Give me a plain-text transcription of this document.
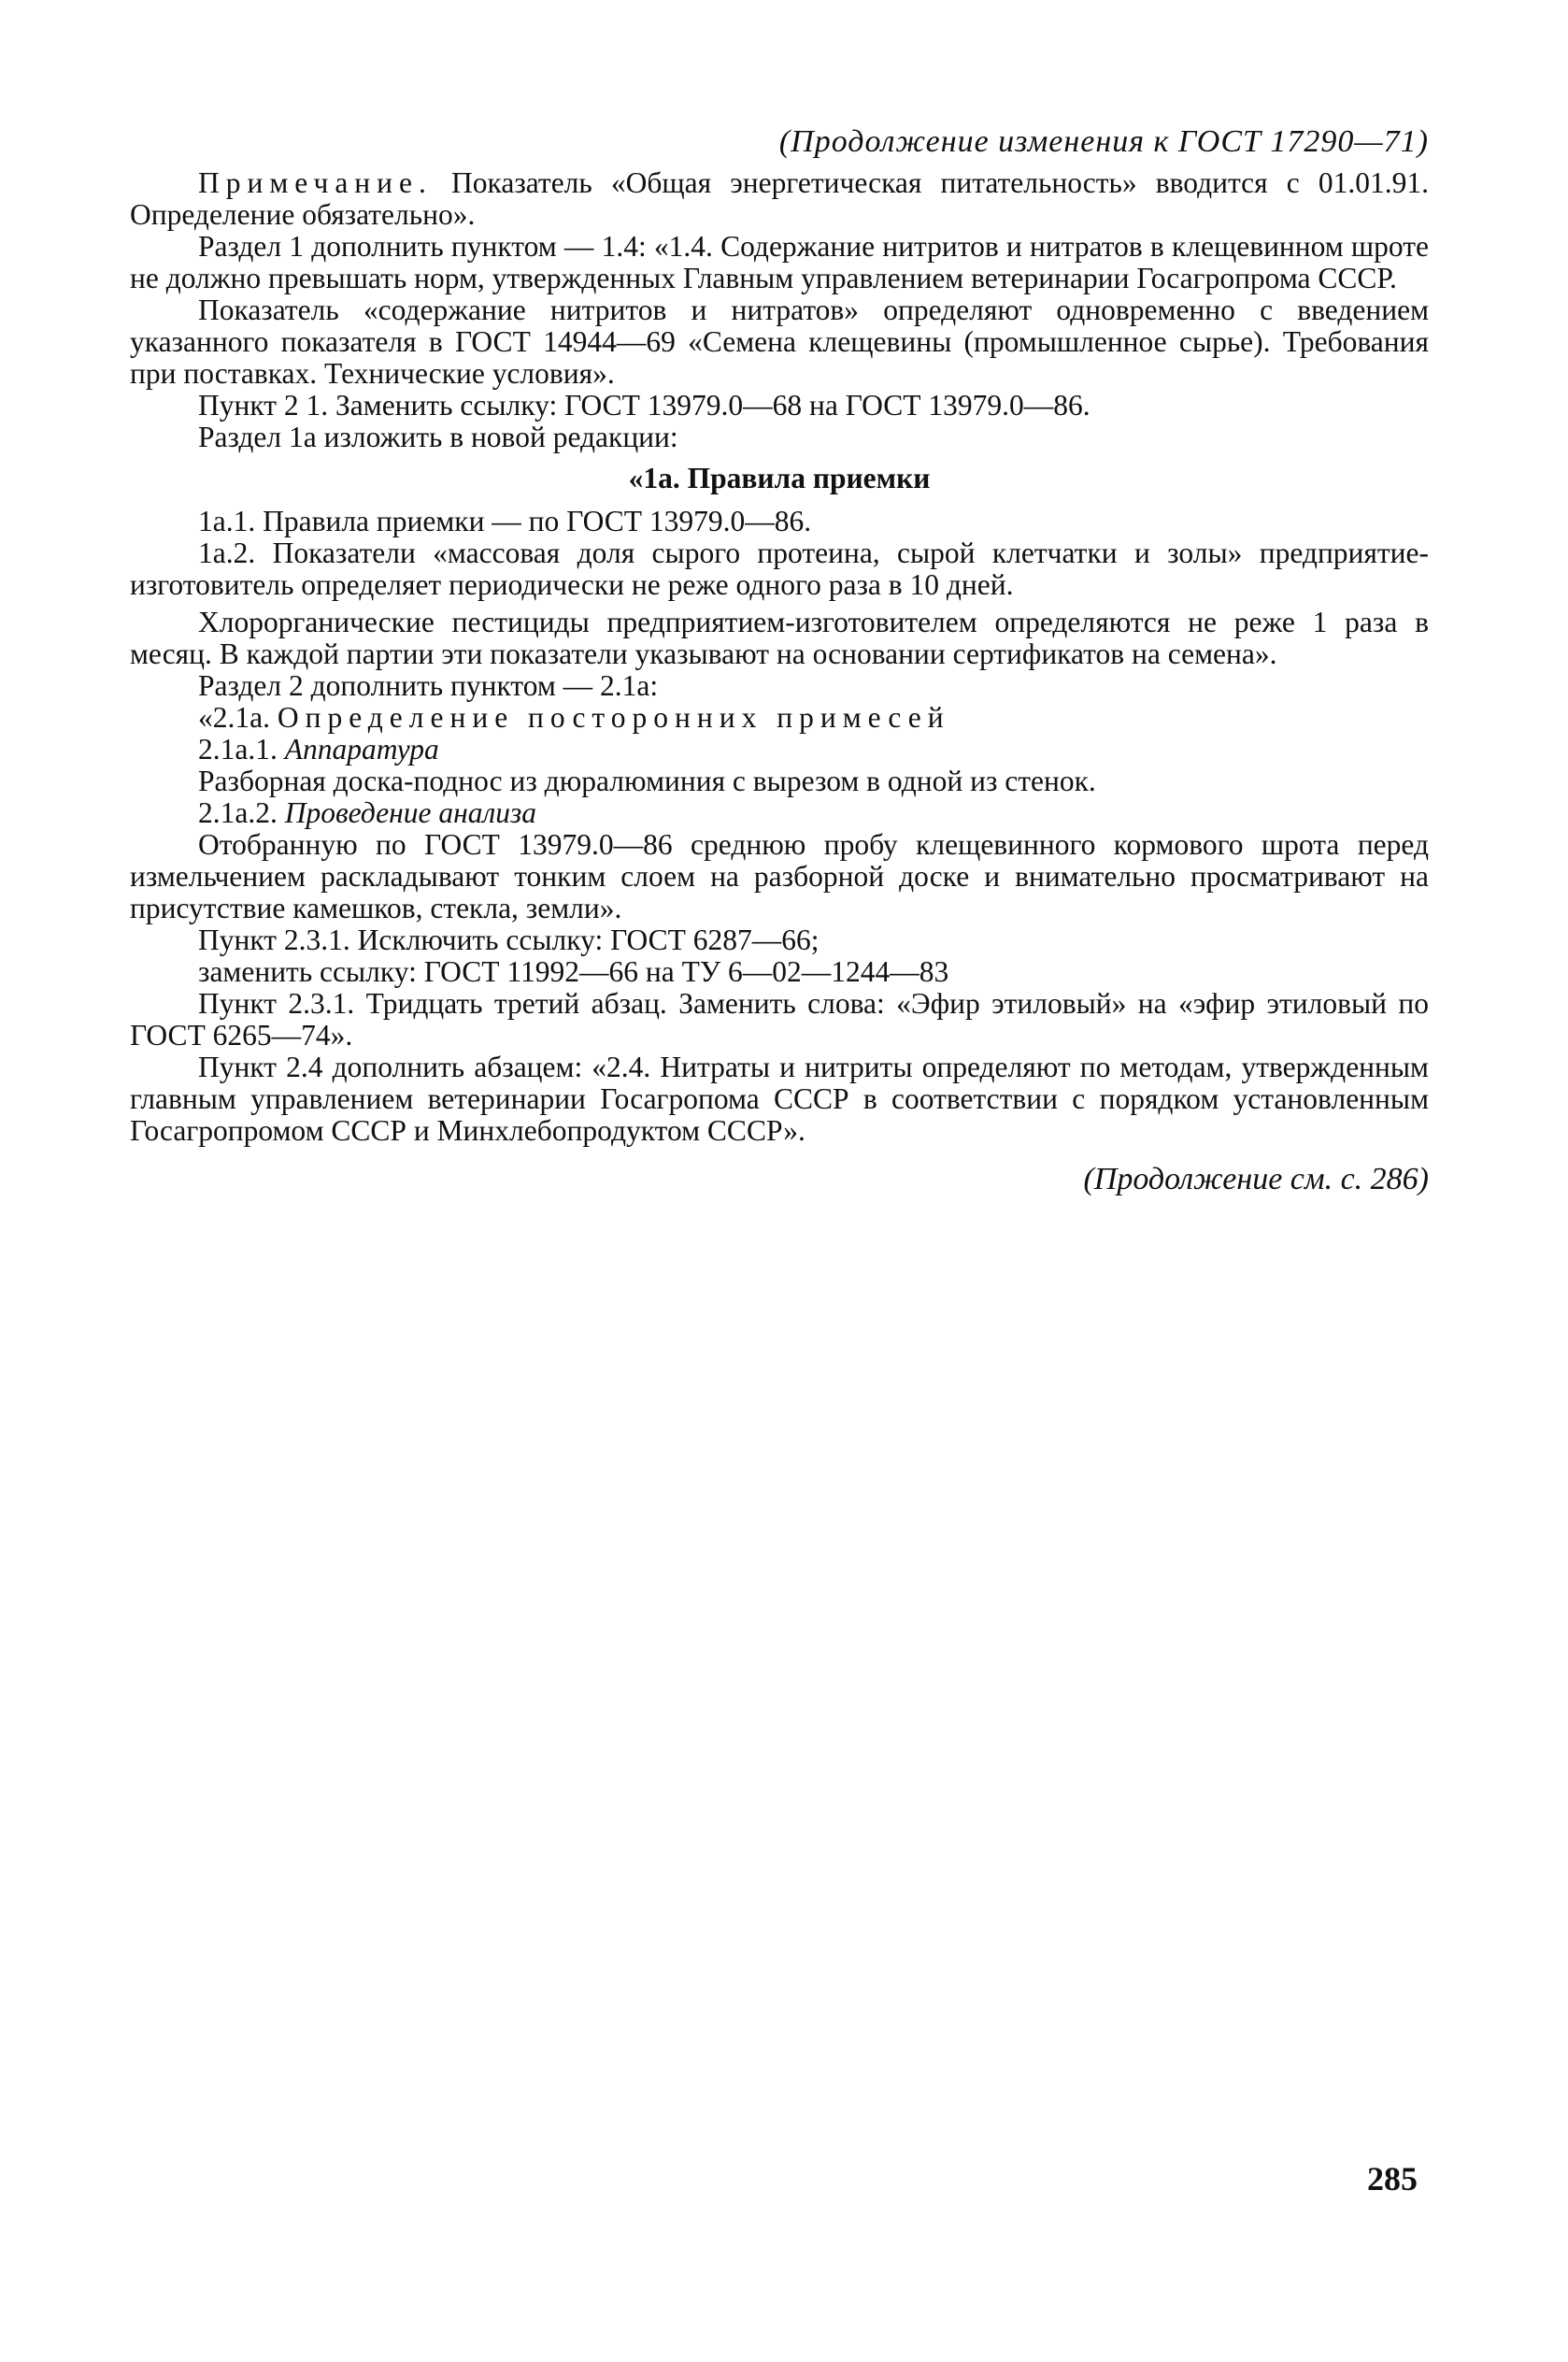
(Продолжение изменения к ГОСТ 17290—71)

Примечание. Показатель «Общая энергетическая питательность» вводится с 01.01.91. Определение обязательно».

Раздел 1 дополнить пунктом — 1.4: «1.4. Содержание нитритов и нитратов в клещевинном шроте не должно превышать норм, утвержденных Главным управлением ветеринарии Госагропрома СССР.

Показатель «содержание нитритов и нитратов» определяют одновременно с введением указанного показателя в ГОСТ 14944—69 «Семена клещевины (промышленное сырье). Требования при поставках. Технические условия».

Пункт 2 1. Заменить ссылку: ГОСТ 13979.0—68 на ГОСТ 13979.0—86.

Раздел 1а изложить в новой редакции:

«1а. Правила приемки

1а.1. Правила приемки — по ГОСТ 13979.0—86.

1а.2. Показатели «массовая доля сырого протеина, сырой клетчатки и золы» предприятие-изготовитель определяет периодически не реже одного раза в 10 дней.

Хлорорганические пестициды предприятием-изготовителем определяются не реже 1 раза в месяц. В каждой партии эти показатели указывают на основании сертификатов на семена».

Раздел 2 дополнить пунктом — 2.1а:

«2.1а. Определение посторонних примесей

2.1а.1. Аппаратура

Разборная доска-поднос из дюралюминия с вырезом в одной из стенок.

2.1а.2. Проведение анализа

Отобранную по ГОСТ 13979.0—86 среднюю пробу клещевинного кормового шрота перед измельчением раскладывают тонким слоем на разборной доске и внимательно просматривают на присутствие камешков, стекла, земли».

Пункт 2.3.1. Исключить ссылку: ГОСТ 6287—66;

заменить ссылку: ГОСТ 11992—66 на ТУ 6—02—1244—83

Пункт 2.3.1. Тридцать третий абзац. Заменить слова: «Эфир этиловый» на «эфир этиловый по ГОСТ 6265—74».

Пункт 2.4 дополнить абзацем: «2.4. Нитраты и нитриты определяют по методам, утвержденным главным управлением ветеринарии Госагропома СССР в соответствии с порядком установленным Госагропромом СССР и Минхлебопродуктом СССР».

(Продолжение см. с. 286)
285
